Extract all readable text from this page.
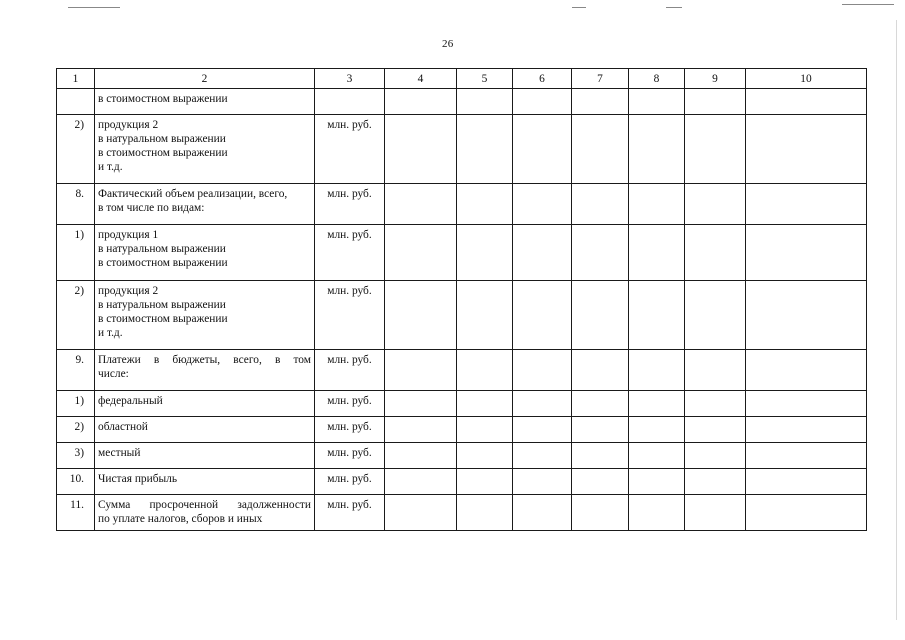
26
1	2	3	4	5	6	7	8	9	10

	в стоимостном выражении								

2)	продукция 2
в натуральном выражении
в стоимостном выражении
и т.д.	млн. руб.							
8.	Фактический объем реализации, всего,
в том числе по видам:	млн. руб.							
1)	продукция 1
в натуральном выражении
в стоимостном выражении	млн. руб.							
2)	продукция 2
в натуральном выражении
в стоимостном выражении
и т.д.	млн. руб.							
9.	Платежи в бюджеты, всего, в том
числе:	млн. руб.							
1)	федеральный	млн. руб.							
2)	областной	млн. руб.							
3)	местный	млн. руб.							
10.	Чистая прибыль	млн. руб.							
11.	Сумма просроченной задолженности
по уплате налогов, сборов и иных	млн. руб.							
